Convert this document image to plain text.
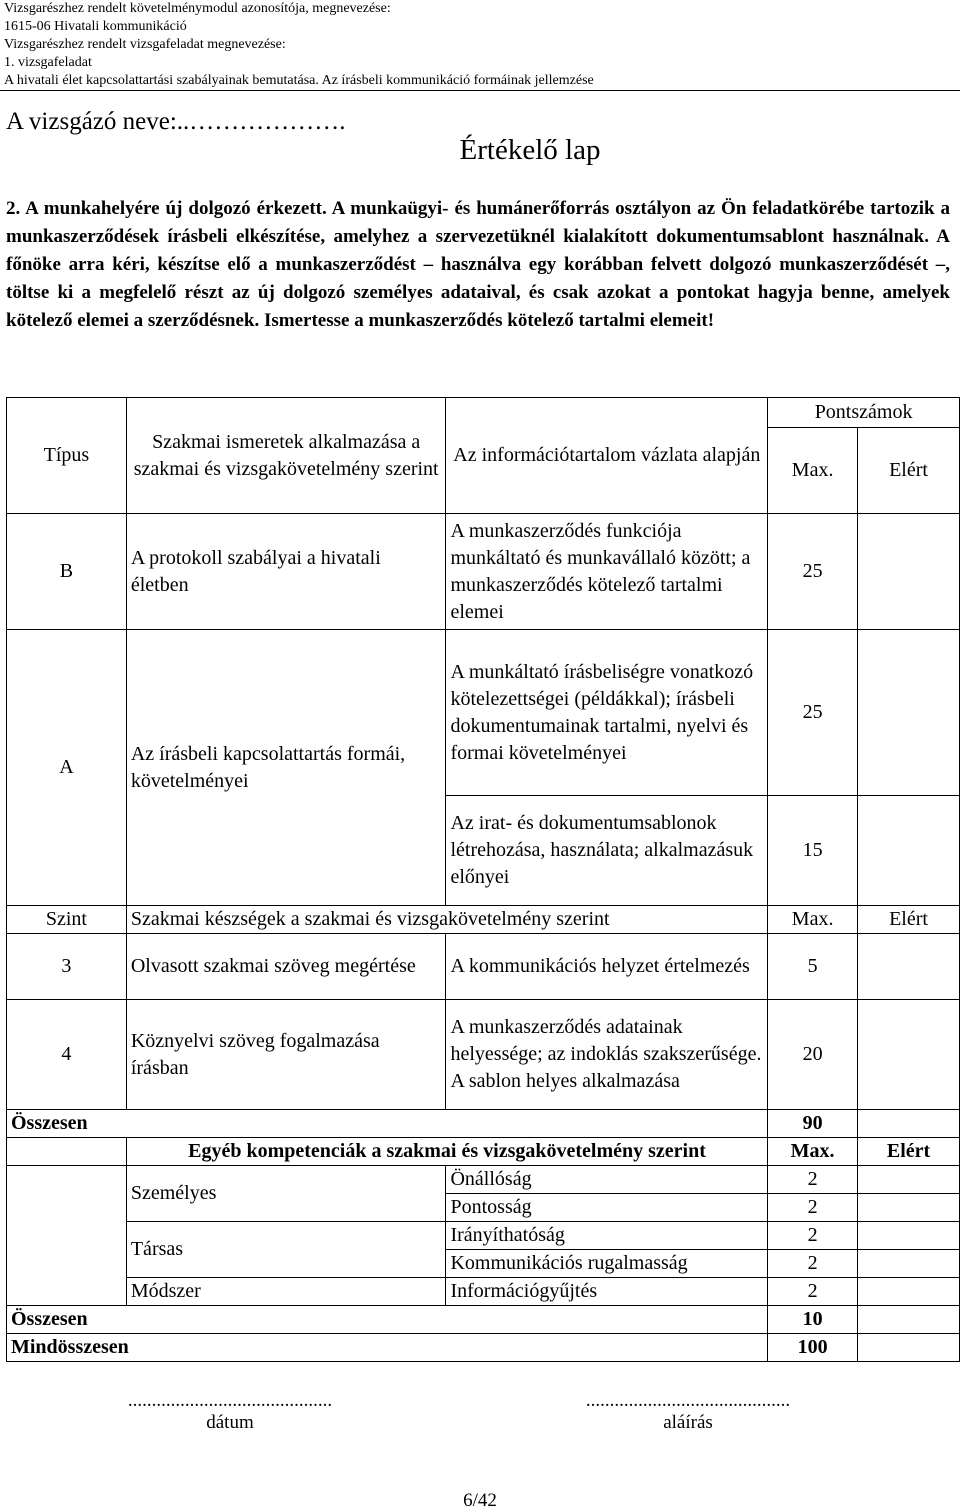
Vizsgarészhez rendelt követelménymodul azonosítója, megnevezése:
1615-06 Hivatali kommunikáció
Vizsgarészhez rendelt vizsgafeladat megnevezése:
1. vizsgafeladat
A hivatali élet kapcsolattartási szabályainak bemutatása. Az írásbeli kommunikáció formáinak jellemzése
A vizsgázó neve:..……………….
Értékelő lap
2. A munkahelyére új dolgozó érkezett. A munkaügyi- és humánerőforrás osztályon az Ön feladatkörébe tartozik a munkaszerződések írásbeli elkészítése, amelyhez a szervezetüknél kialakított dokumentumsablont használnak. A főnöke arra kéri, készítse elő a munkaszerződést – használva egy korábban felvett dolgozó munkaszerződését –, töltse ki a megfelelő részt az új dolgozó személyes adataival, és csak azokat a pontokat hagyja benne, amelyek kötelező elemei a szerződésnek. Ismertesse a munkaszerződés kötelező tartalmi elemeit!
Típus	Szakmai ismeretek alkalmazása a szakmai és vizsgakövetelmény szerint	Az információtartalom vázlata alapján	Pontszámok	
			Max.	Elért
B	A protokoll szabályai a hivatali életben	A munkaszerződés funkciója munkáltató és munkavállaló között; a munkaszerződés kötelező tartalmi elemei	25	
A	Az írásbeli kapcsolattartás formái, követelményei	A munkáltató írásbeliségre vonatkozó kötelezettségei (példákkal); írásbeli dokumentumainak tartalmi, nyelvi és formai követelményei	25	
		Az irat- és dokumentumsablonok létrehozása, használata; alkalmazásuk előnyei	15	
Szint	Szakmai készségek a szakmai és vizsgakövetelmény szerint		Max.	Elért
3	Olvasott szakmai szöveg megértése	A kommunikációs helyzet értelmezés	5	
4	Köznyelvi szöveg fogalmazása írásban	A munkaszerződés adatainak helyessége; az indoklás szakszerűsége. A sablon helyes alkalmazása	20	
Összesen			90	
	Egyéb kompetenciák a szakmai és vizsgakövetelmény szerint		Max.	Elért
	Személyes	Önállóság	2	
		Pontosság	2	
	Társas	Irányíthatóság	2	
		Kommunikációs rugalmasság	2	
	Módszer	Információgyűjtés	2	
Összesen			10	
Mindösszesen			100	
...........................................
dátum
...........................................
aláírás
6/42
